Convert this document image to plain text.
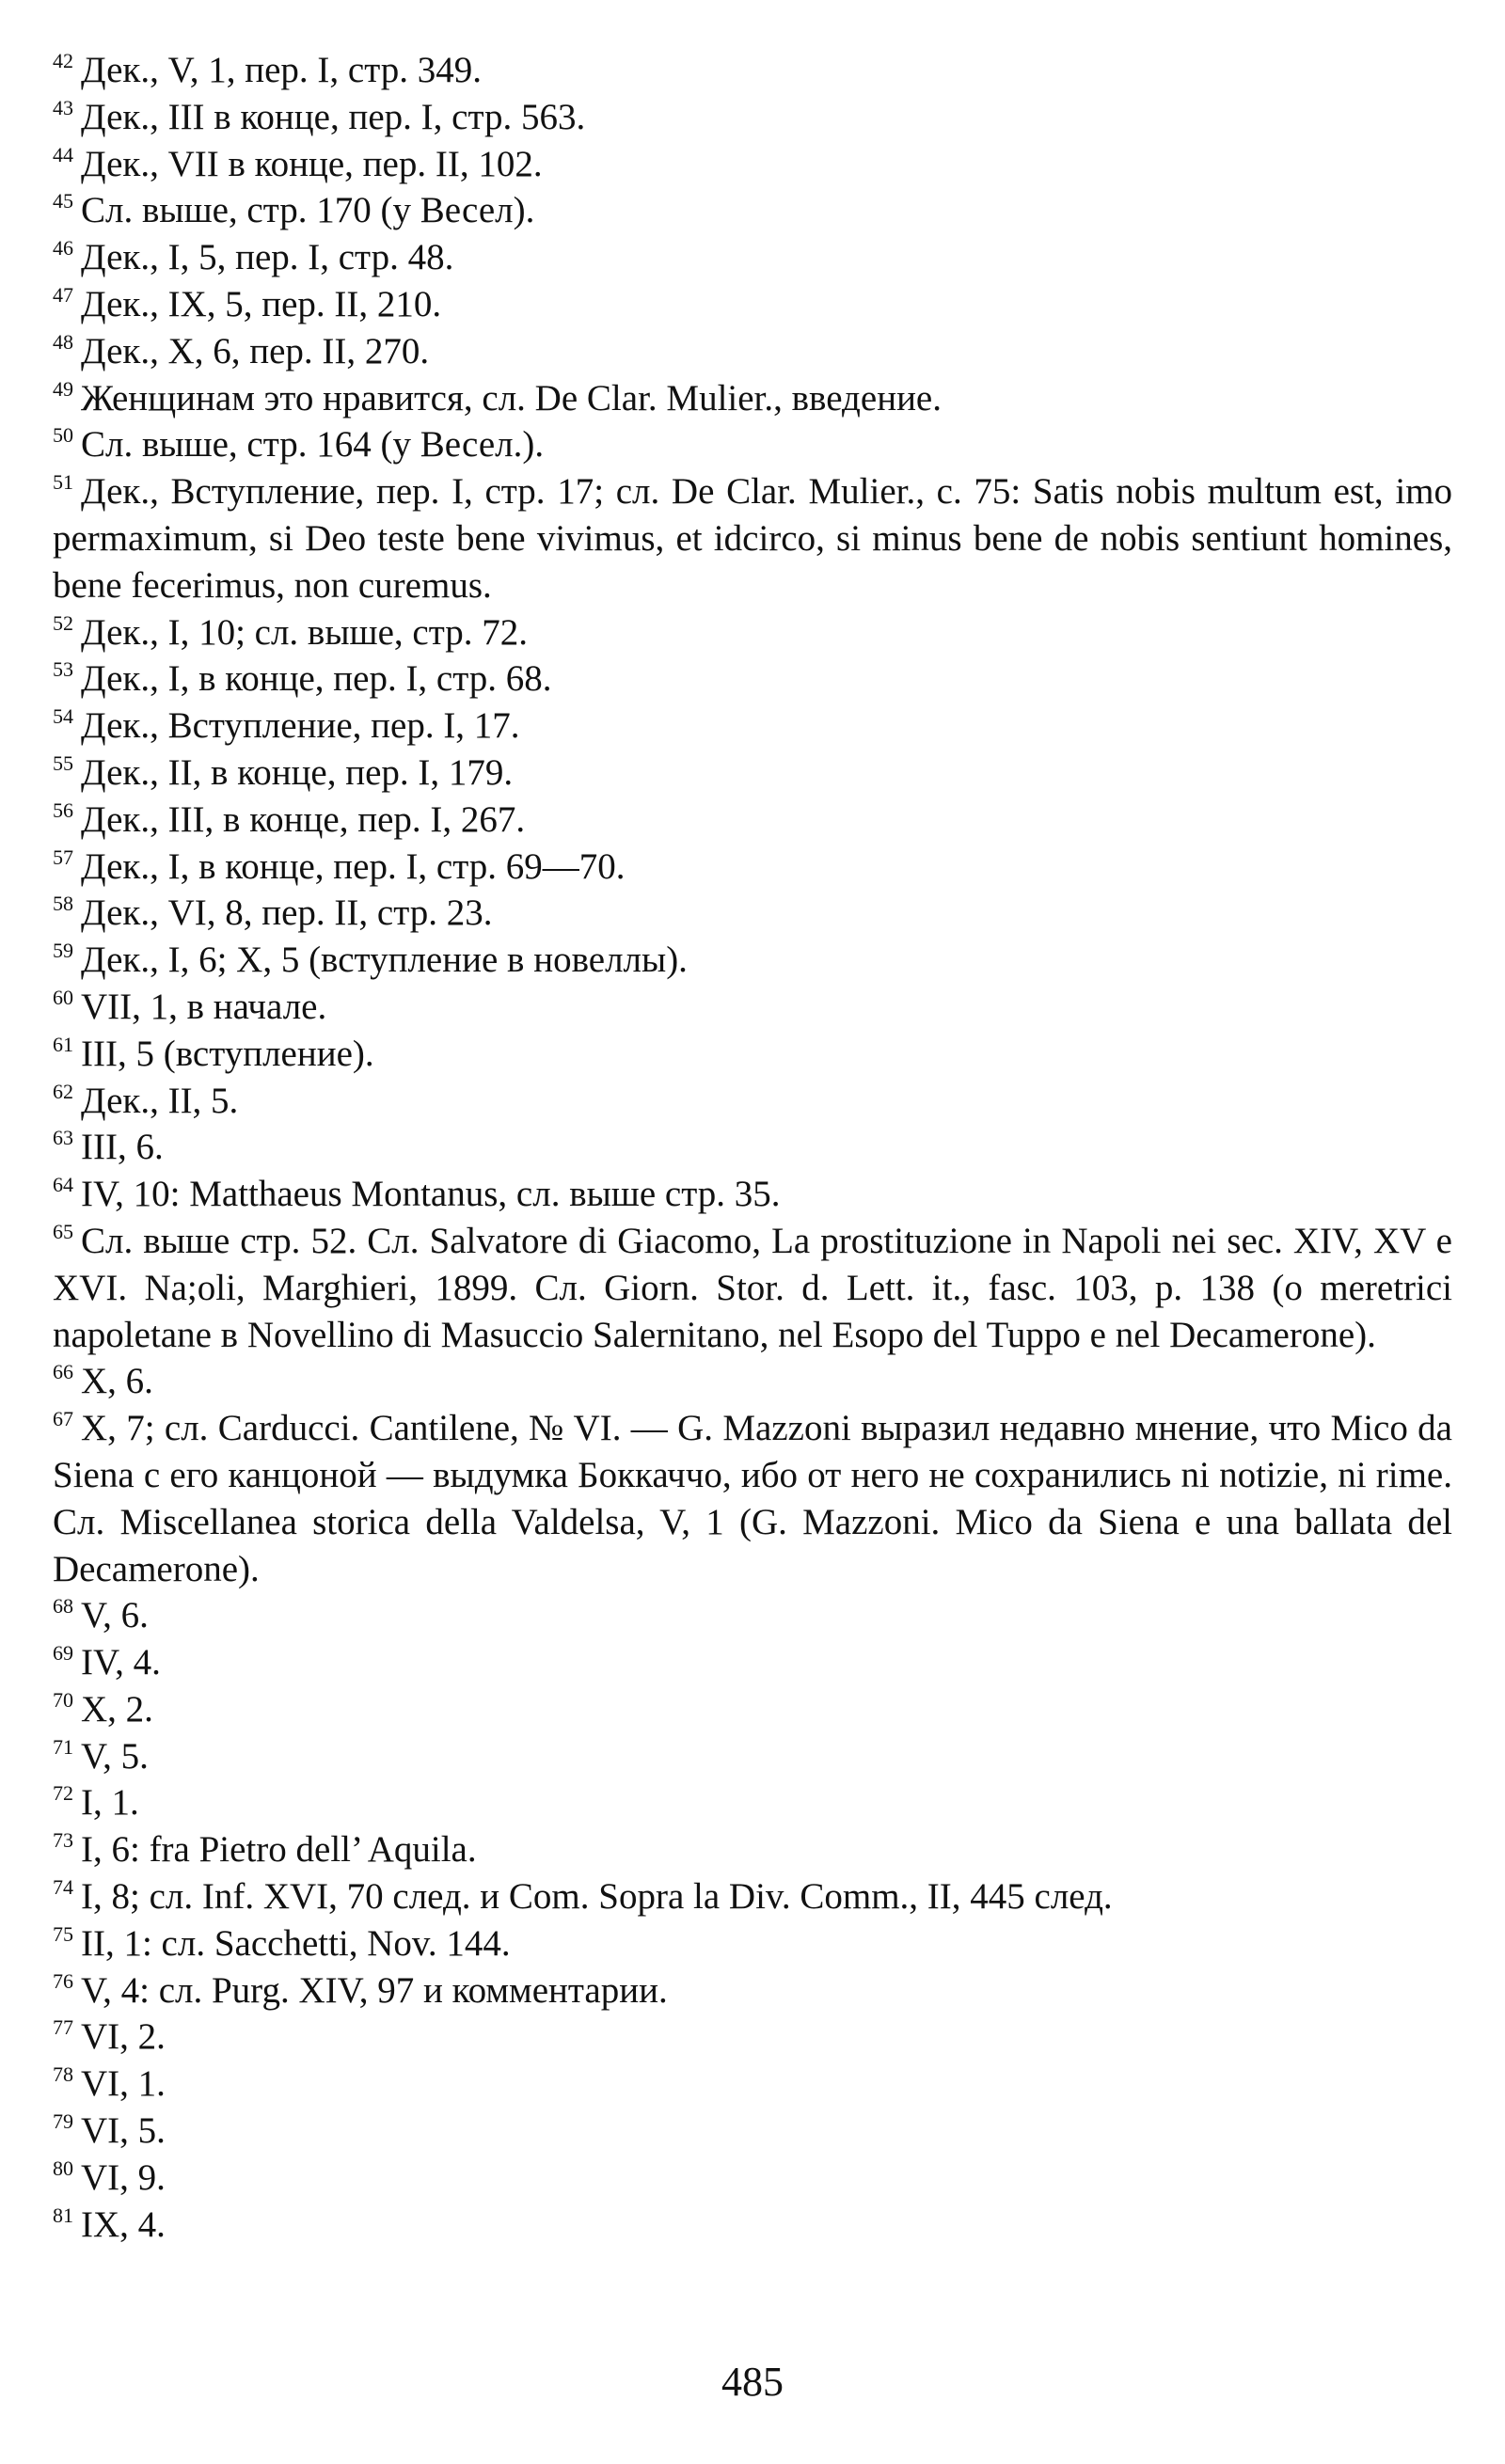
$^{42}$ Дек., V, 1, пер. I, стр. 349.

$^{43}$ Дек., III в конце, пер. I, стр. 563.

$^{44}$ Дек., VII в конце, пер. II, 102.

$^{45}$ Сл. выше, стр. 170 (у Весел).

$^{46}$ Дек., I, 5, пер. I, стр. 48.

$^{47}$ Дек., IX, 5, пер. II, 210.

$^{48}$ Дек., X, 6, пер. II, 270.

$^{49}$ Женщинам это нравится, сл. De Clar. Mulier., введение.

$^{50}$ Сл. выше, стр. 164 (у Весел.).

$^{51}$ Дек., Вступление, пер. I, стр. 17; сл. De Clar. Mulier., c. 75: Satis nobis multum est, imo permaximum, si Deo teste bene vivimus, et idcirco, si minus bene de nobis sentiunt homines, bene fecerimus, non curemus.

$^{52}$ Дек., I, 10; сл. выше, стр. 72.

$^{53}$ Дек., I, в конце, пер. I, стр. 68.

$^{54}$ Дек., Вступление, пер. I, 17.

$^{55}$ Дек., II, в конце, пер. I, 179.

$^{56}$ Дек., III, в конце, пер. I, 267.

$^{57}$ Дек., I, в конце, пер. I, стр. 69—70.

$^{58}$ Дек., VI, 8, пер. II, стр. 23.

$^{59}$ Дек., I, 6; X, 5 (вступление в новеллы).

$^{60}$ VII, 1, в начале.

$^{61}$ III, 5 (вступление).

$^{62}$ Дек., II, 5.

$^{63}$ III, 6.

$^{64}$ IV, 10: Matthaeus Montanus, сл. выше стр. 35.

$^{65}$ Сл. выше стр. 52. Сл. Salvatore di Giacomo, La prostituzione in Napoli nei sec. XIV, XV e XVI. Na;oli, Marghieri, 1899. Сл. Giorn. Stor. d. Lett. it., fasc. 103, p. 138 (o meretrici napoletane в Novellino di Masuccio Salernitano, nel Esopo del Tuppo e nel Decamerone).

$^{66}$ X, 6.

$^{67}$ X, 7; сл. Carducci. Cantilene, № VI. — G. Mazzoni выразил недавно мнение, что Mico da Siena с его канцоной — выдумка Боккаччо, ибо от него не сохранились ni notizie, ni rime. Сл. Miscellanea storica della Valdelsa, V, 1 (G. Mazzoni. Mico da Siena e una ballata del Decamerone).

$^{68}$ V, 6.

$^{69}$ IV, 4.

$^{70}$ X, 2.

$^{71}$ V, 5.

$^{72}$ I, 1.

$^{73}$ I, 6: fra Pietro dell’ Aquila.

$^{74}$ I, 8; сл. Inf. XVI, 70 след. и Com. Sopra la Div. Comm., II, 445 след.

$^{75}$ II, 1: сл. Sacchetti, Nov. 144.

$^{76}$ V, 4: сл. Purg. XIV, 97 и комментарии.

$^{77}$ VI, 2.

$^{78}$ VI, 1.

$^{79}$ VI, 5.

$^{80}$ VI, 9.

$^{81}$ IX, 4.

485
